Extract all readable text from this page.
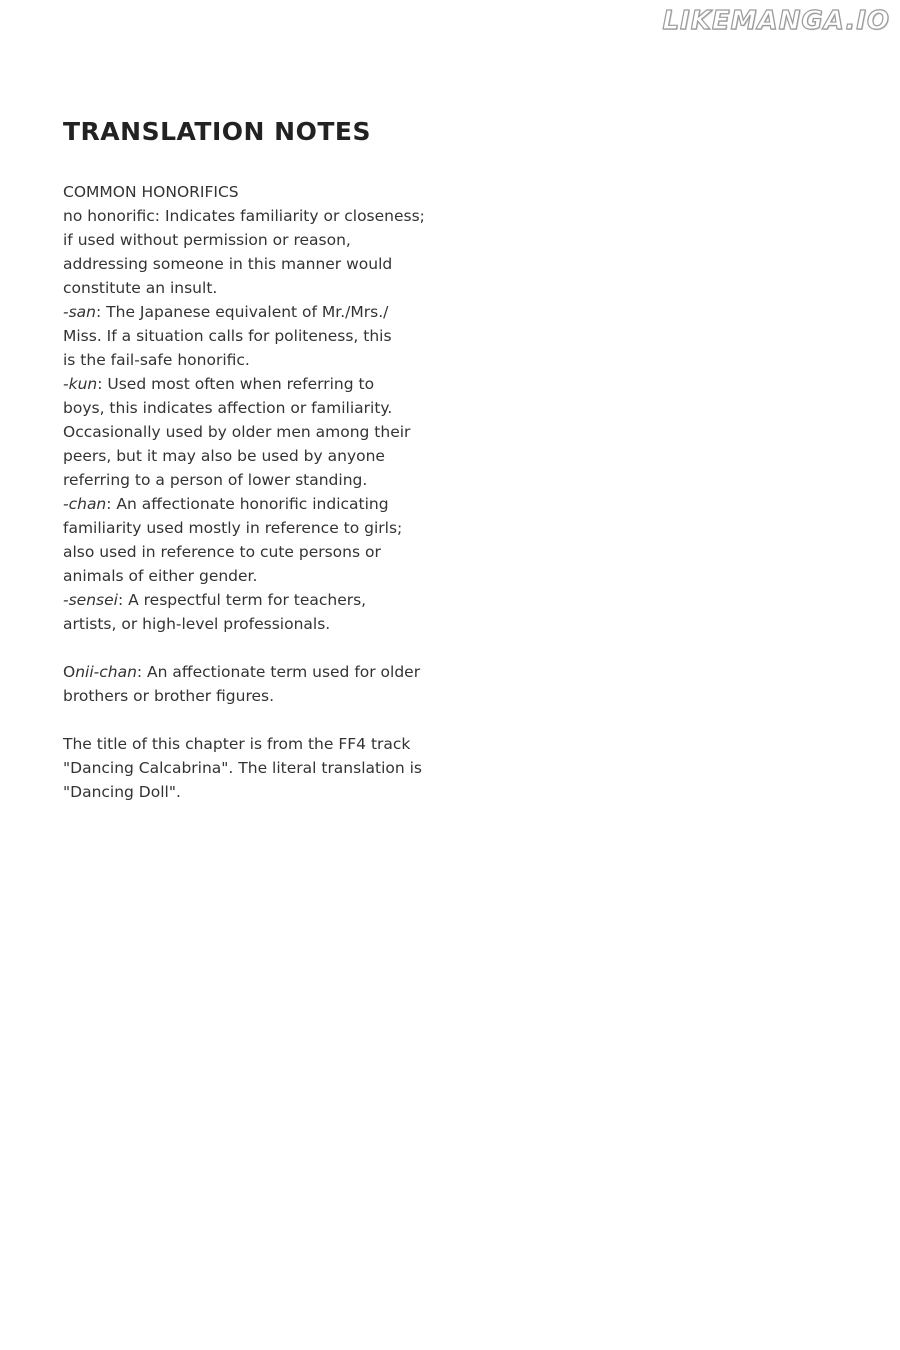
LIKEMANGA.IO
TRANSLATION NOTES
COMMON HONORIFICS
no honorific: Indicates familiarity or closeness; if used without permission or reason, addressing someone in this manner would constitute an insult.
-san: The Japanese equivalent of Mr./Mrs./ Miss. If a situation calls for politeness, this is the fail-safe honorific.
-kun: Used most often when referring to boys, this indicates affection or familiarity. Occasionally used by older men among their peers, but it may also be used by anyone referring to a person of lower standing.
-chan: An affectionate honorific indicating familiarity used mostly in reference to girls; also used in reference to cute persons or animals of either gender.
-sensei: A respectful term for teachers, artists, or high-level professionals.
Onii-chan: An affectionate term used for older brothers or brother figures.
The title of this chapter is from the FF4 track "Dancing Calcabrina". The literal translation is "Dancing Doll".
